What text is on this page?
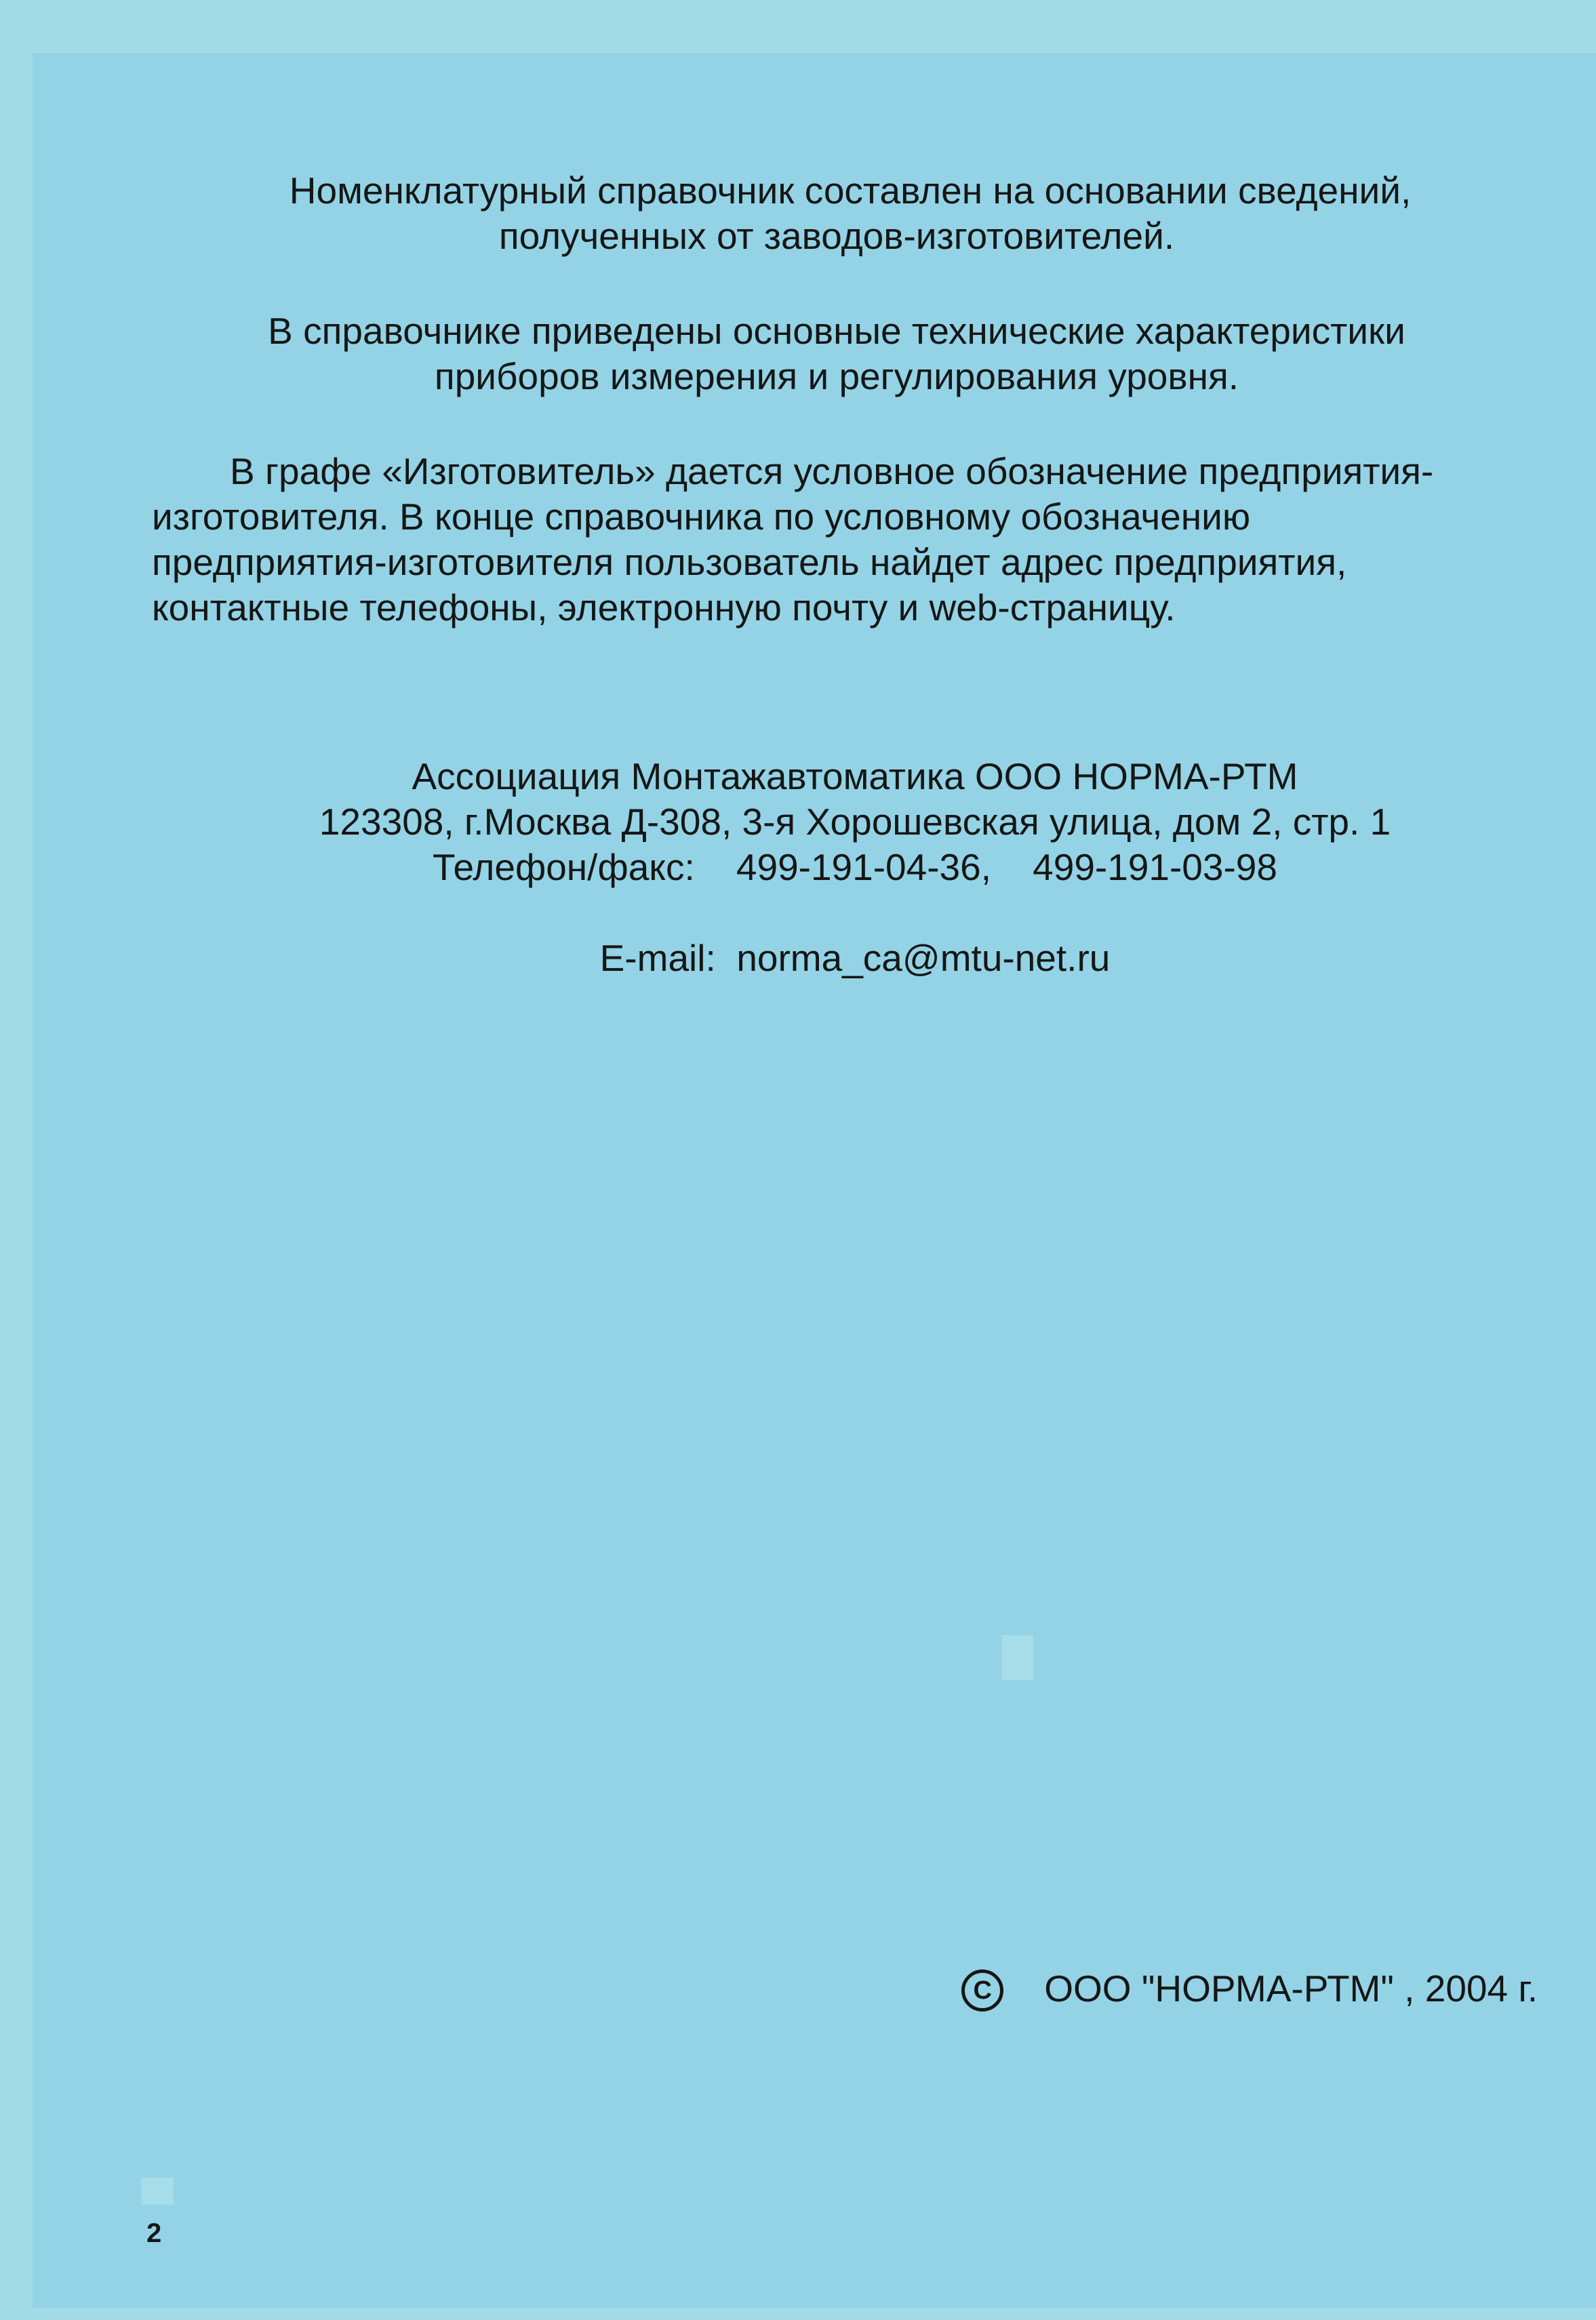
Номенклатурный справочник составлен на основании сведений,
полученных от заводов-изготовителей.

В справочнике приведены основные технические характеристики
приборов измерения и регулирования уровня.

В графе «Изготовитель» дается условное обозначение предприятия-
изготовителя. В конце справочника по условному обозначению
предприятия-изготовителя пользователь найдет адрес предприятия,
контактные телефоны, электронную почту и web-страницу.

Ассоциация Монтажавтоматика ООО НОРМА-РТМ
123308, г.Москва Д-308, 3-я Хорошевская улица, дом 2, стр. 1
Телефон/факс: 499-191-04-36, 499-191-03-98
E-mail: norma_ca@mtu-net.ru
C ООО "НОРМА-РТМ" , 2004 г.
2
